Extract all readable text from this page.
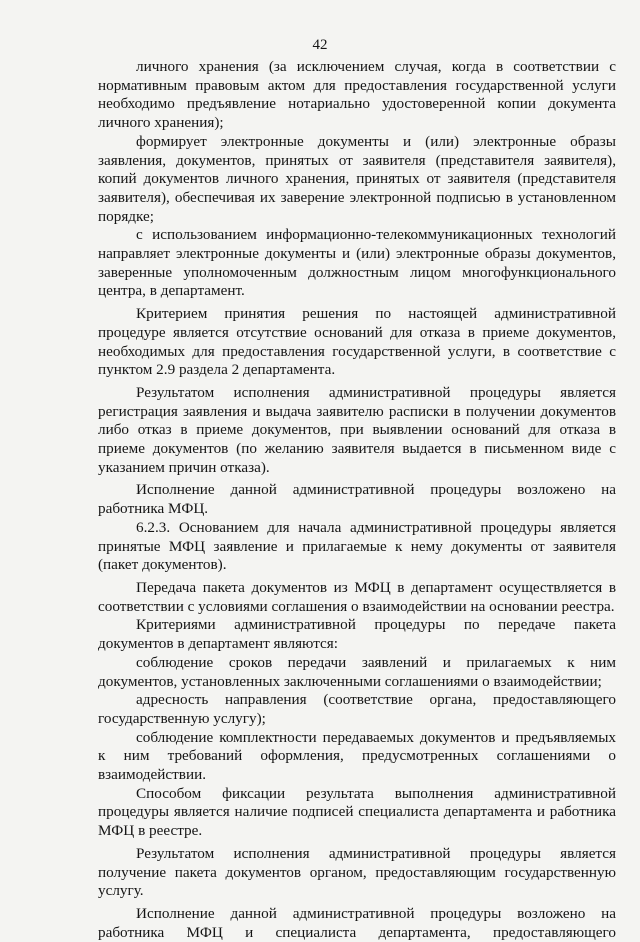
42

личного хранения (за исключением случая, когда в соответствии с нормативным правовым актом для предоставления государственной услуги необходимо предъявление нотариально удостоверенной копии документа личного хранения);

формирует электронные документы и (или) электронные образы заявления, документов, принятых от заявителя (представителя заявителя), копий документов личного хранения, принятых от заявителя (представителя заявителя), обеспечивая их заверение электронной подписью в установленном порядке;

с использованием информационно-телекоммуникационных технологий направляет электронные документы и (или) электронные образы документов, заверенные уполномоченным должностным лицом многофункционального центра, в департамент.

Критерием принятия решения по настоящей административной процедуре является отсутствие оснований для отказа в приеме документов, необходимых для предоставления государственной услуги, в соответствие с пунктом 2.9 раздела 2 департамента.

Результатом исполнения административной процедуры является регистрация заявления и выдача заявителю расписки в получении документов либо отказ в приеме документов, при выявлении оснований для отказа в приеме документов (по желанию заявителя выдается в письменном виде с указанием причин отказа).

Исполнение данной административной процедуры возложено на работника МФЦ.

6.2.3. Основанием для начала административной процедуры является принятые МФЦ заявление и прилагаемые к нему документы от заявителя (пакет документов).

Передача пакета документов из МФЦ в департамент осуществляется в соответствии с условиями соглашения о взаимодействии на основании реестра.

Критериями административной процедуры по передаче пакета документов в департамент являются:

соблюдение сроков передачи заявлений и прилагаемых к ним документов, установленных заключенными соглашениями о взаимодействии;

адресность направления (соответствие органа, предоставляющего государственную услугу);

соблюдение комплектности передаваемых документов и предъявляемых к ним требований оформления, предусмотренных соглашениями о взаимодействии.

Способом фиксации результата выполнения административной процедуры является наличие подписей специалиста департамента и работника МФЦ в реестре.

Результатом исполнения административной процедуры является получение пакета документов органом, предоставляющим государственную услугу.

Исполнение данной административной процедуры возложено на работника МФЦ и специалиста департамента, предоставляющего
